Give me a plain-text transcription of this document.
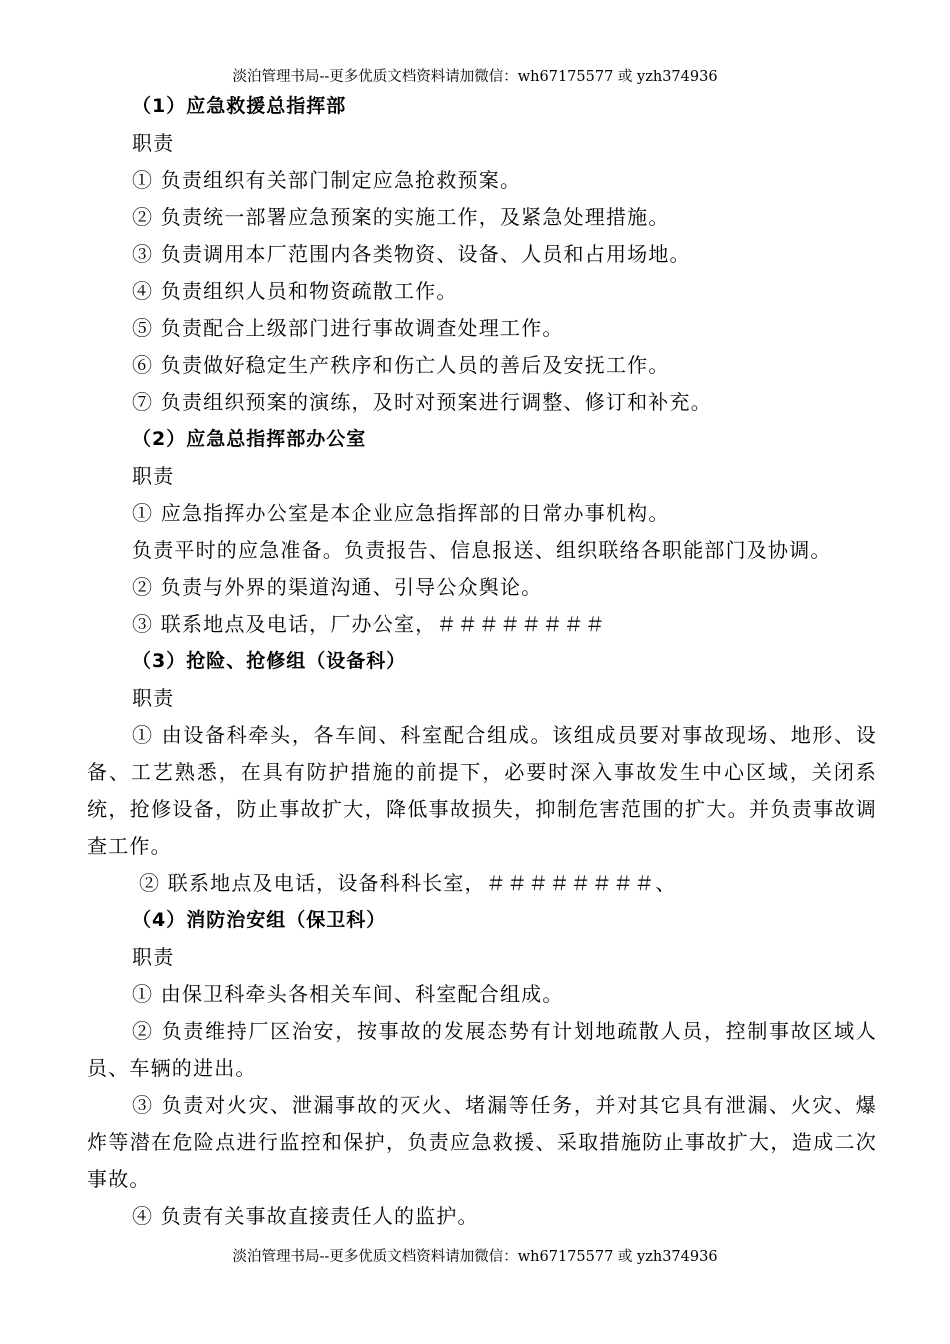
淡泊管理书局--更多优质文档资料请加微信：wh67175577 或 yzh374936
（1）应急救援总指挥部
职责
① 负责组织有关部门制定应急抢救预案。
② 负责统一部署应急预案的实施工作，及紧急处理措施。
③ 负责调用本厂范围内各类物资、设备、人员和占用场地。
④ 负责组织人员和物资疏散工作。
⑤ 负责配合上级部门进行事故调查处理工作。
⑥ 负责做好稳定生产秩序和伤亡人员的善后及安抚工作。
⑦ 负责组织预案的演练，及时对预案进行调整、修订和补充。
（2）应急总指挥部办公室
职责
① 应急指挥办公室是本企业应急指挥部的日常办事机构。
负责平时的应急准备。负责报告、信息报送、组织联络各职能部门及协调。
② 负责与外界的渠道沟通、引导公众舆论。
③ 联系地点及电话，厂办公室，＃＃＃＃＃＃＃＃
（3）抢险、抢修组（设备科）
职责
① 由设备科牵头，各车间、科室配合组成。该组成员要对事故现场、地形、设备、工艺熟悉，在具有防护措施的前提下，必要时深入事故发生中心区域，关闭系统，抢修设备，防止事故扩大，降低事故损失，抑制危害范围的扩大。并负责事故调查工作。
② 联系地点及电话，设备科科长室，＃＃＃＃＃＃＃＃、
（4）消防治安组（保卫科）
职责
① 由保卫科牵头各相关车间、科室配合组成。
② 负责维持厂区治安，按事故的发展态势有计划地疏散人员，控制事故区域人员、车辆的进出。
③ 负责对火灾、泄漏事故的灭火、堵漏等任务，并对其它具有泄漏、火灾、爆炸等潜在危险点进行监控和保护，负责应急救援、采取措施防止事故扩大，造成二次事故。
④ 负责有关事故直接责任人的监护。
淡泊管理书局--更多优质文档资料请加微信：wh67175577 或 yzh374936
